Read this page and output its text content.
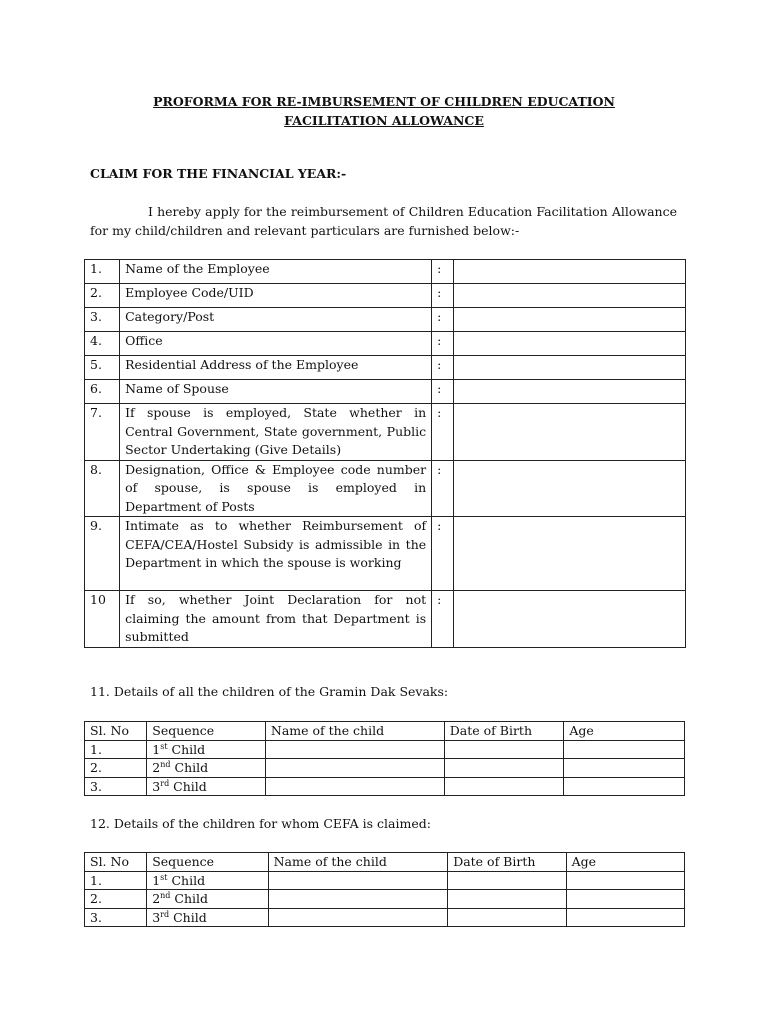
PROFORMA FOR RE-IMBURSEMENT OF CHILDREN EDUCATION
FACILITATION ALLOWANCE
CLAIM FOR THE FINANCIAL YEAR:-
I hereby apply for the reimbursement of Children Education Facilitation Allowance for my child/children and relevant particulars are furnished below:-
1.	Name of the Employee	:	
2.	Employee Code/UID	:	
3.	Category/Post	:	
4.	Office	:	
5.	Residential Address of the Employee	:	
6.	Name of Spouse	:	
7.	If spouse is employed, State whether in Central Government, State government, Public Sector Undertaking (Give Details)	:	
8.	Designation, Office & Employee code number of spouse, is spouse is employed in Department of Posts	:	
9.	Intimate as to whether Reimbursement of CEFA/CEA/Hostel Subsidy is admissible in the Department in which the spouse is working	:	
10	If so, whether Joint Declaration for not claiming the amount from that Department is submitted	:	
11. Details of all the children of the Gramin Dak Sevaks:
Sl. No	Sequence	Name of the child	Date of Birth	Age
1.	1st Child			
2.	2nd Child			
3.	3rd Child			
12. Details of the children for whom CEFA is claimed:
Sl. No	Sequence	Name of the child	Date of Birth	Age
1.	1st Child			
2.	2nd Child			
3.	3rd Child			
